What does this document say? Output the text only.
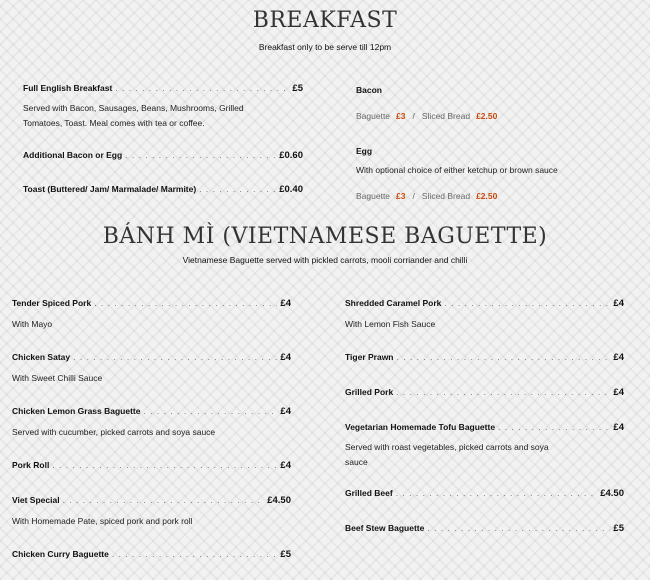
BREAKFAST
Breakfast only to be serve till 12pm
Full English Breakfast . . .	£5
Served with Bacon, Sausages, Beans, Mushrooms, Grilled Tomatoes, Toast. Meal comes with tea or coffee.
Additional Bacon or Egg . . .	£0.60
Toast (Buttered/ Jam/ Marmalade/ Marmite) . . .	£0.40
Bacon
Baguette £3 / Sliced Bread £2.50
Egg
With optional choice of either ketchup or brown sauce
Baguette £3 / Sliced Bread £2.50
BÁNH MÌ (VIETNAMESE BAGUETTE)
Vietnamese Baguette served with pickled carrots, mooli corriander and chilli
Tender Spiced Pork . . .	£4
With Mayo
Chicken Satay . . .	£4
With Sweet Chilli Sauce
Chicken Lemon Grass Baguette . . .	£4
Served with cucumber, picked carrots and soya sauce
Pork Roll . . .	£4
Viet Special . . .	£4.50
With Homemade Pate, spiced pork and pork roll
Chicken Curry Baguette . . .	£5
Shredded Caramel Pork . . .	£4
With Lemon Fish Sauce
Tiger Prawn . . .	£4
Grilled Pork . . .	£4
Vegetarian Homemade Tofu Baguette . . .	£4
Served with roast vegetables, picked carrots and soya sauce
Grilled Beef . . .	£4.50
Beef Stew Baguette . . .	£5
